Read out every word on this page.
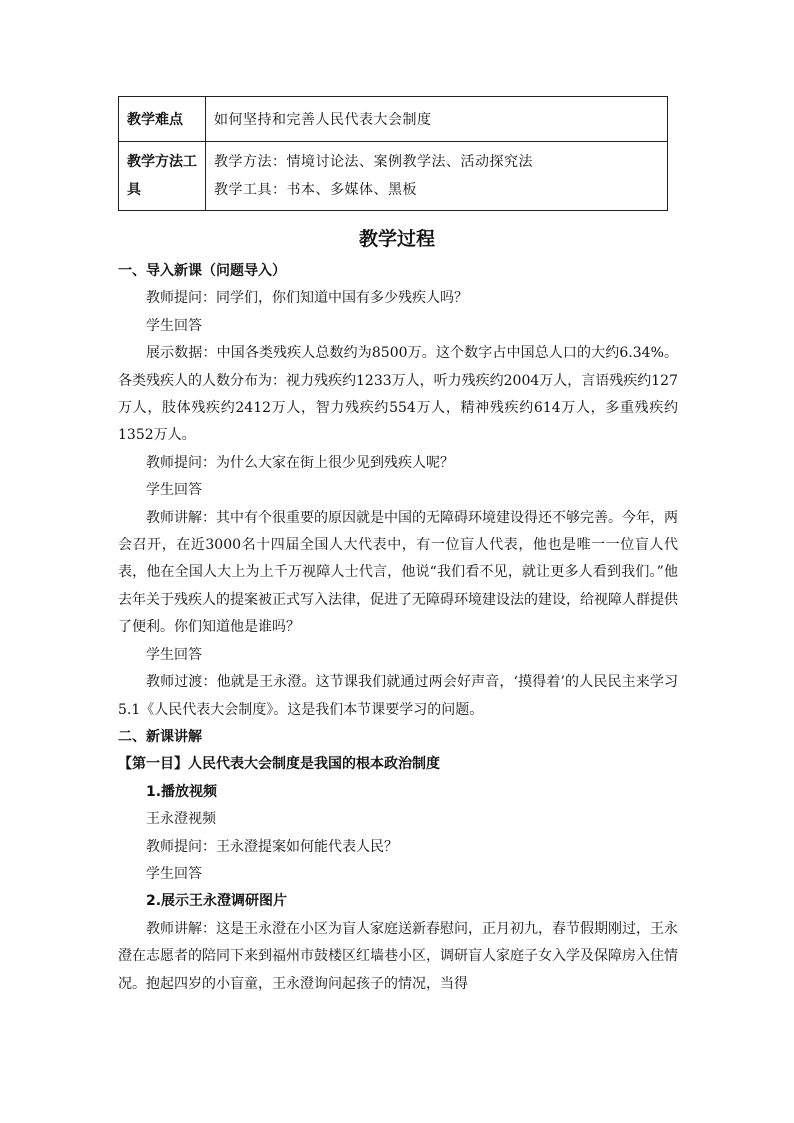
教学难点	如何坚持和完善人民代表大会制度
教学方法工具	教学方法：情境讨论法、案例教学法、活动探究法
教学工具：书本、多媒体、黑板
教学过程

一、导入新课（问题导入）

教师提问：同学们，你们知道中国有多少残疾人吗？

学生回答

展示数据：中国各类残疾人总数约为8500万。这个数字占中国总人口的大约6.34%。各类残疾人的人数分布为：视力残疾约1233万人，听力残疾约2004万人，言语残疾约127万人，肢体残疾约2412万人，智力残疾约554万人，精神残疾约614万人，多重残疾约1352万人。

教师提问：为什么大家在街上很少见到残疾人呢？

学生回答

教师讲解：其中有个很重要的原因就是中国的无障碍环境建设得还不够完善。今年，两会召开，在近3000名十四届全国人大代表中，有一位盲人代表，他也是唯一一位盲人代表，他在全国人大上为上千万视障人士代言，他说“我们看不见，就让更多人看到我们。”他去年关于残疾人的提案被正式写入法律，促进了无障碍环境建设法的建设，给视障人群提供了便利。你们知道他是谁吗？

学生回答

教师过渡：他就是王永澄。这节课我们就通过两会好声音，‘摸得着’的人民民主来学习5.1《人民代表大会制度》。这是我们本节课要学习的问题。

二、新课讲解

【第一目】人民代表大会制度是我国的根本政治制度

1.播放视频

王永澄视频

教师提问：王永澄提案如何能代表人民？

学生回答

2.展示王永澄调研图片

教师讲解：这是王永澄在小区为盲人家庭送新春慰问，正月初九，春节假期刚过，王永澄在志愿者的陪同下来到福州市鼓楼区红墙巷小区，调研盲人家庭子女入学及保障房入住情况。抱起四岁的小盲童，王永澄询问起孩子的情况，当得
